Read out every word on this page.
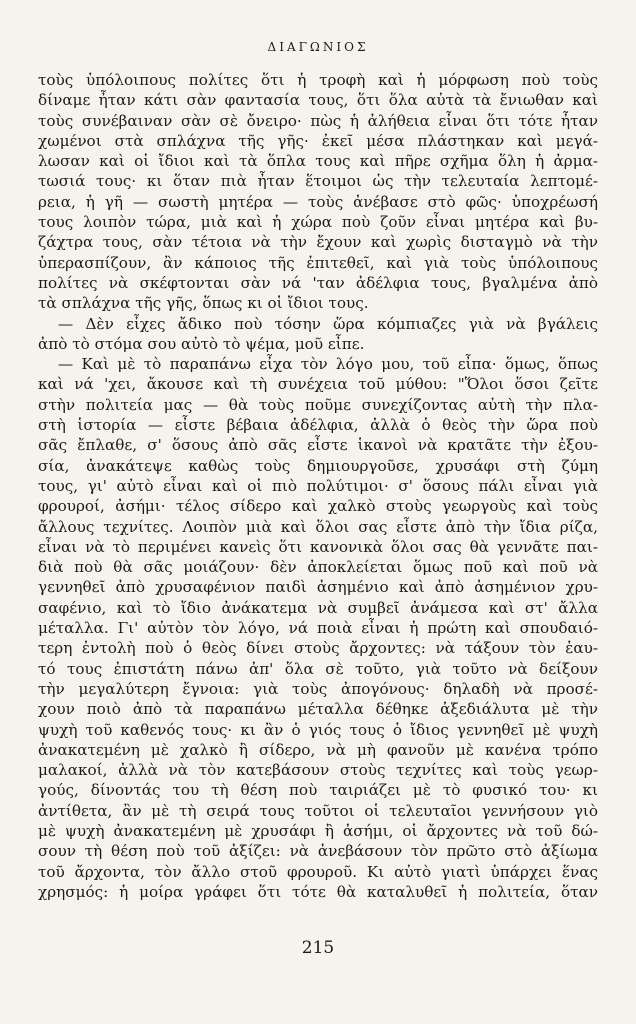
ΔΙΑΓΩΝΙΟΣ
τοὺς ὑπόλοιπους πολίτες ὅτι ἡ τροφὴ καὶ ἡ μόρφωση ποὺ τοὺς
δίναμε ἦταν κάτι σὰν φαντασία τους, ὅτι ὅλα αὐτὰ τὰ ἔνιωθαν καὶ
τοὺς συνέβαιναν σὰν σὲ ὄνειρο· πὼς ἡ ἀλήθεια εἶναι ὅτι τότε ἦταν
χωμένοι στὰ σπλάχνα τῆς γῆς· ἐκεῖ μέσα πλάστηκαν καὶ μεγά-
λωσαν καὶ οἱ ἴδιοι καὶ τὰ ὅπλα τους καὶ πῆρε σχῆμα ὅλη ἡ ἀρμα-
τωσιά τους· κι ὅταν πιὰ ἦταν ἕτοιμοι ὡς τὴν τελευταία λεπτομέ-
ρεια, ἡ γῆ — σωστὴ μητέρα — τοὺς ἀνέβασε στὸ φῶς· ὑποχρέωσή
τους λοιπὸν τώρα, μιὰ καὶ ἡ χώρα ποὺ ζοῦν εἶναι μητέρα καὶ βυ-
ζάχτρα τους, σὰν τέτοια νὰ τὴν ἔχουν καὶ χωρὶς δισταγμὸ νὰ τὴν
ὑπερασπίζουν, ἂν κάποιος τῆς ἐπιτεθεῖ, καὶ γιὰ τοὺς ὑπόλοιπους
πολίτες νὰ σκέφτονται σὰν νά 'ταν ἀδέλφια τους, βγαλμένα ἀπὸ
τὰ σπλάχνα τῆς γῆς, ὅπως κι οἱ ἴδιοι τους.
— Δὲν εἶχες ἄδικο ποὺ τόσην ὥρα κόμπιαζες γιὰ νὰ βγάλεις
ἀπὸ τὸ στόμα σου αὐτὸ τὸ ψέμα, μοῦ εἶπε.
— Καὶ μὲ τὸ παραπάνω εἶχα τὸν λόγο μου, τοῦ εἶπα· ὅμως, ὅπως
καὶ νά 'χει, ἄκουσε καὶ τὴ συνέχεια τοῦ μύθου: "Ὅλοι ὅσοι ζεῖτε
στὴν πολιτεία μας — θὰ τοὺς ποῦμε συνεχίζοντας αὐτὴ τὴν πλα-
στὴ ἱστορία — εἶστε βέβαια ἀδέλφια, ἀλλὰ ὁ θεὸς τὴν ὥρα ποὺ
σᾶς ἔπλαθε, σ' ὅσους ἀπὸ σᾶς εἶστε ἱκανοὶ νὰ κρατᾶτε τὴν ἐξου-
σία, ἀνακάτεψε καθὼς τοὺς δημιουργοῦσε, χρυσάφι στὴ ζύμη
τους, γι' αὐτὸ εἶναι καὶ οἱ πιὸ πολύτιμοι· σ' ὅσους πάλι εἶναι γιὰ
φρουροί, ἀσήμι· τέλος σίδερο καὶ χαλκὸ στοὺς γεωργοὺς καὶ τοὺς
ἄλλους τεχνίτες. Λοιπὸν μιὰ καὶ ὅλοι σας εἶστε ἀπὸ τὴν ἴδια ρίζα,
εἶναι νὰ τὸ περιμένει κανεὶς ὅτι κανονικὰ ὅλοι σας θὰ γεννᾶτε παι-
διὰ ποὺ θὰ σᾶς μοιάζουν· δὲν ἀποκλείεται ὅμως ποῦ καὶ ποῦ νὰ
γεννηθεῖ ἀπὸ χρυσαφένιον παιδὶ ἀσημένιο καὶ ἀπὸ ἀσημένιον χρυ-
σαφένιο, καὶ τὸ ἴδιο ἀνάκατεμα νὰ συμβεῖ ἀνάμεσα καὶ στ' ἄλλα
μέταλλα. Γι' αὐτὸν τὸν λόγο, νά ποιὰ εἶναι ἡ πρώτη καὶ σπουδαιό-
τερη ἐντολὴ ποὺ ὁ θεὸς δίνει στοὺς ἄρχοντες: νὰ τάξουν τὸν ἑαυ-
τό τους ἐπιστάτη πάνω ἀπ' ὅλα σὲ τοῦτο, γιὰ τοῦτο νὰ δείξουν
τὴν μεγαλύτερη ἔγνοια: γιὰ τοὺς ἀπογόνους· δηλαδὴ νὰ προσέ-
χουν ποιὸ ἀπὸ τὰ παραπάνω μέταλλα δέθηκε ἀξεδιάλυτα μὲ τὴν
ψυχὴ τοῦ καθενός τους· κι ἂν ὁ γιός τους ὁ ἴδιος γεννηθεῖ μὲ ψυχὴ
ἀνακατεμένη μὲ χαλκὸ ἢ σίδερο, νὰ μὴ φανοῦν μὲ κανένα τρόπο
μαλακοί, ἀλλὰ νὰ τὸν κατεβάσουν στοὺς τεχνίτες καὶ τοὺς γεωρ-
γούς, δίνοντάς του τὴ θέση ποὺ ταιριάζει μὲ τὸ φυσικό του· κι
ἀντίθετα, ἂν μὲ τὴ σειρά τους τοῦτοι οἱ τελευταῖοι γεννήσουν γιὸ
μὲ ψυχὴ ἀνακατεμένη μὲ χρυσάφι ἢ ἀσήμι, οἱ ἄρχοντες νὰ τοῦ δώ-
σουν τὴ θέση ποὺ τοῦ ἀξίζει: νὰ ἀνεβάσουν τὸν πρῶτο στὸ ἀξίωμα
τοῦ ἄρχοντα, τὸν ἄλλο στοῦ φρουροῦ. Κι αὐτὸ γιατὶ ὑπάρχει ἕνας
χρησμός: ἡ μοίρα γράφει ὅτι τότε θὰ καταλυθεῖ ἡ πολιτεία, ὅταν
215
